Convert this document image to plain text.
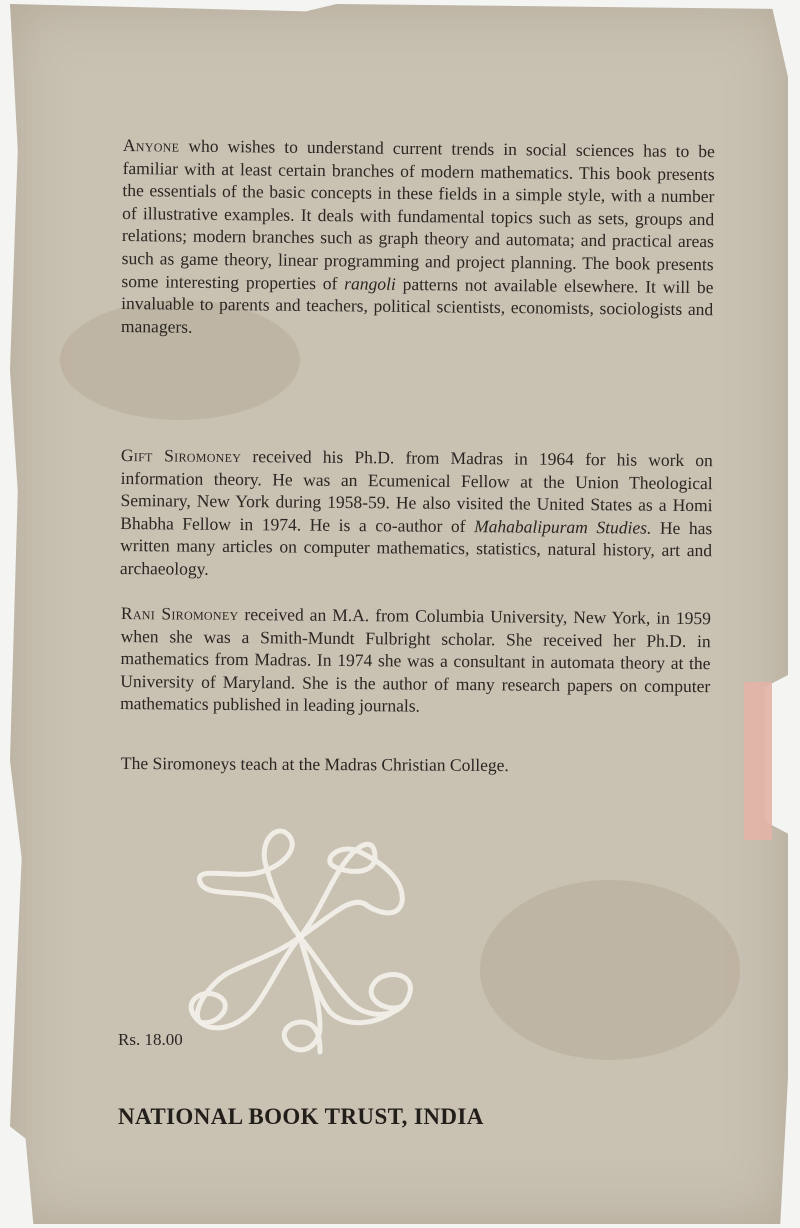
Anyone who wishes to understand current trends in social sciences has to be familiar with at least certain branches of modern mathematics. This book presents the essentials of the basic concepts in these fields in a simple style, with a number of illustrative examples. It deals with fundamental topics such as sets, groups and relations; modern branches such as graph theory and automata; and practical areas such as game theory, linear programming and project planning. The book presents some interesting properties of rangoli patterns not available elsewhere. It will be invaluable to parents and teachers, political scientists, economists, sociologists and managers.

Gift Siromoney received his Ph.D. from Madras in 1964 for his work on information theory. He was an Ecumenical Fellow at the Union Theological Seminary, New York during 1958-59. He also visited the United States as a Homi Bhabha Fellow in 1974. He is a co-author of Mahabalipuram Studies. He has written many articles on computer mathematics, statistics, natural history, art and archaeology.

Rani Siromoney received an M.A. from Columbia University, New York, in 1959 when she was a Smith-Mundt Fulbright scholar. She received her Ph.D. in mathematics from Madras. In 1974 she was a consultant in automata theory at the University of Maryland. She is the author of many research papers on computer mathematics published in leading journals.

The Siromoneys teach at the Madras Christian College.
Rs. 18.00
NATIONAL BOOK TRUST, INDIA
